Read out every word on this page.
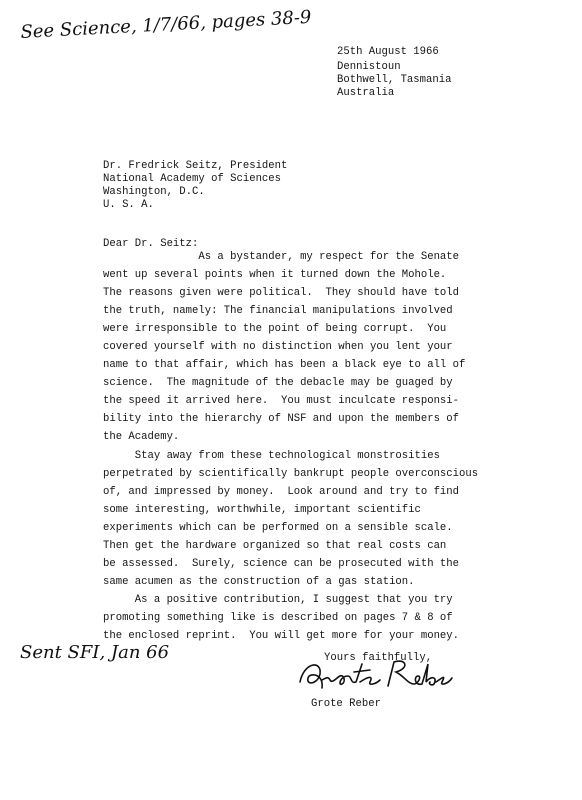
See Science, 1/7/66, pages 38-9
25th August 1966
Dennistoun
Bothwell, Tasmania
Australia
Dr. Fredrick Seitz, President
National Academy of Sciences
Washington, D.C.
U. S. A.
Dear Dr. Seitz:
As a bystander, my respect for the Senate
went up several points when it turned down the Mohole.
The reasons given were political.  They should have told
the truth, namely: The financial manipulations involved
were irresponsible to the point of being corrupt.  You
covered yourself with no distinction when you lent your
name to that affair, which has been a black eye to all of
science.  The magnitude of the debacle may be guaged by
the speed it arrived here.  You must inculcate responsi-
bility into the hierarchy of NSF and upon the members of
the Academy.
Stay away from these technological monstrosities
perpetrated by scientifically bankrupt people overconscious
of, and impressed by money.  Look around and try to find
some interesting, worthwhile, important scientific
experiments which can be performed on a sensible scale.
Then get the hardware organized so that real costs can
be assessed.  Surely, science can be prosecuted with the
same acumen as the construction of a gas station.
As a positive contribution, I suggest that you try
promoting something like is described on pages 7 & 8 of
the enclosed reprint.  You will get more for your money.
Sent SFI, Jan 66	Yours faithfully,
Grote Reber
